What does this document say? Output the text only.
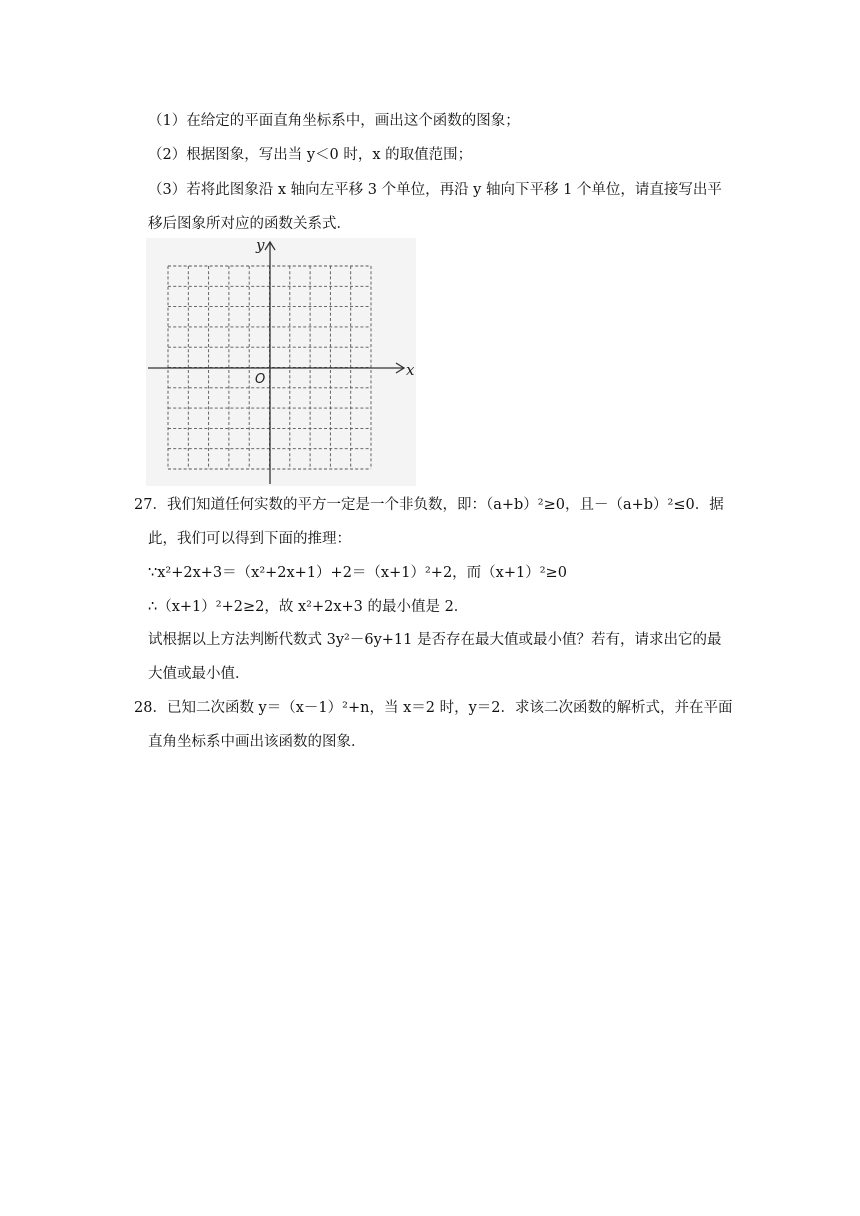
（1）在给定的平面直角坐标系中，画出这个函数的图象；
（2）根据图象，写出当 y＜0 时，x 的取值范围；
（3）若将此图象沿 x 轴向左平移 3 个单位，再沿 y 轴向下平移 1 个单位，请直接写出平
移后图象所对应的函数关系式．
x
y
O
27．我们知道任何实数的平方一定是一个非负数，即：（a+b）²≥0，且－（a+b）²≤0．据
此，我们可以得到下面的推理：
∵x²+2x+3＝（x²+2x+1）+2＝（x+1）²+2，而（x+1）²≥0
∴（x+1）²+2≥2，故 x²+2x+3 的最小值是 2．
试根据以上方法判断代数式 3y²－6y+11 是否存在最大值或最小值？若有，请求出它的最
大值或最小值．
28．已知二次函数 y＝（x－1）²+n，当 x＝2 时，y＝2．求该二次函数的解析式，并在平面
直角坐标系中画出该函数的图象．
